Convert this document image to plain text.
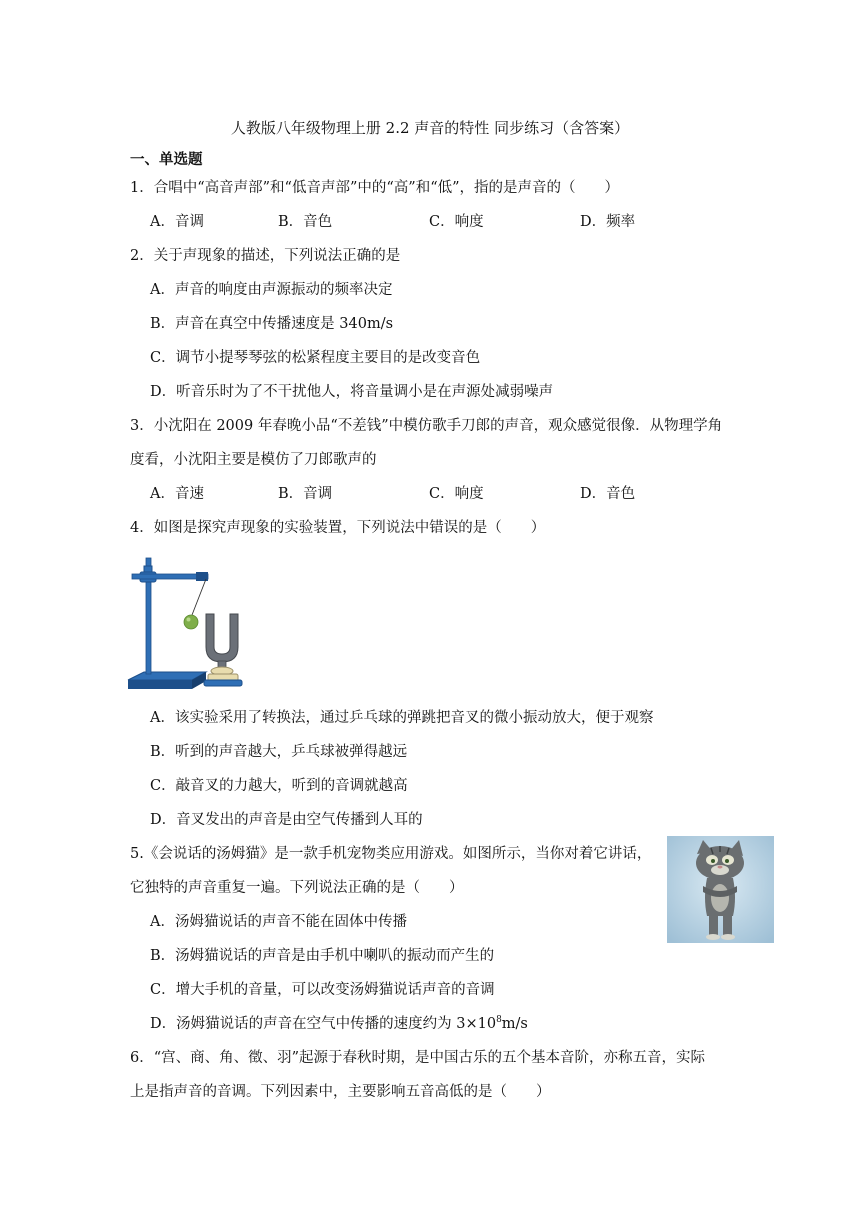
人教版八年级物理上册 2.2 声音的特性 同步练习（含答案）
一、单选题
1．合唱中“高音声部”和“低音声部”中的“高”和“低”，指的是声音的（　　）
A．音调	B．音色	C．响度	D．频率
2．关于声现象的描述，下列说法正确的是
A．声音的响度由声源振动的频率决定
B．声音在真空中传播速度是 340m/s
C．调节小提琴琴弦的松紧程度主要目的是改变音色
D．听音乐时为了不干扰他人，将音量调小是在声源处减弱噪声
3．小沈阳在 2009 年春晚小品“不差钱”中模仿歌手刀郎的声音，观众感觉很像．从物理学角
度看，小沈阳主要是模仿了刀郎歌声的
A．音速	B．音调	C．响度	D．音色
4．如图是探究声现象的实验装置，下列说法中错误的是（　　）
A．该实验采用了转换法，通过乒乓球的弹跳把音叉的微小振动放大，便于观察
B．听到的声音越大，乒乓球被弹得越远
C．敲音叉的力越大，听到的音调就越高
D．音叉发出的声音是由空气传播到人耳的
5.《会说话的汤姆猫》是一款手机宠物类应用游戏。如图所示，当你对着它讲话，
它独特的声音重复一遍。下列说法正确的是（　　）
A．汤姆猫说话的声音不能在固体中传播
B．汤姆猫说话的声音是由手机中喇叭的振动而产生的
C．增大手机的音量，可以改变汤姆猫说话声音的音调
D．汤姆猫说话的声音在空气中传播的速度约为 $3\times 10^8m/s$
6．“宫、商、角、徵、羽”起源于春秋时期，是中国古乐的五个基本音阶，亦称五音，实际
上是指声音的音调。下列因素中，主要影响五音高低的是（　　）
